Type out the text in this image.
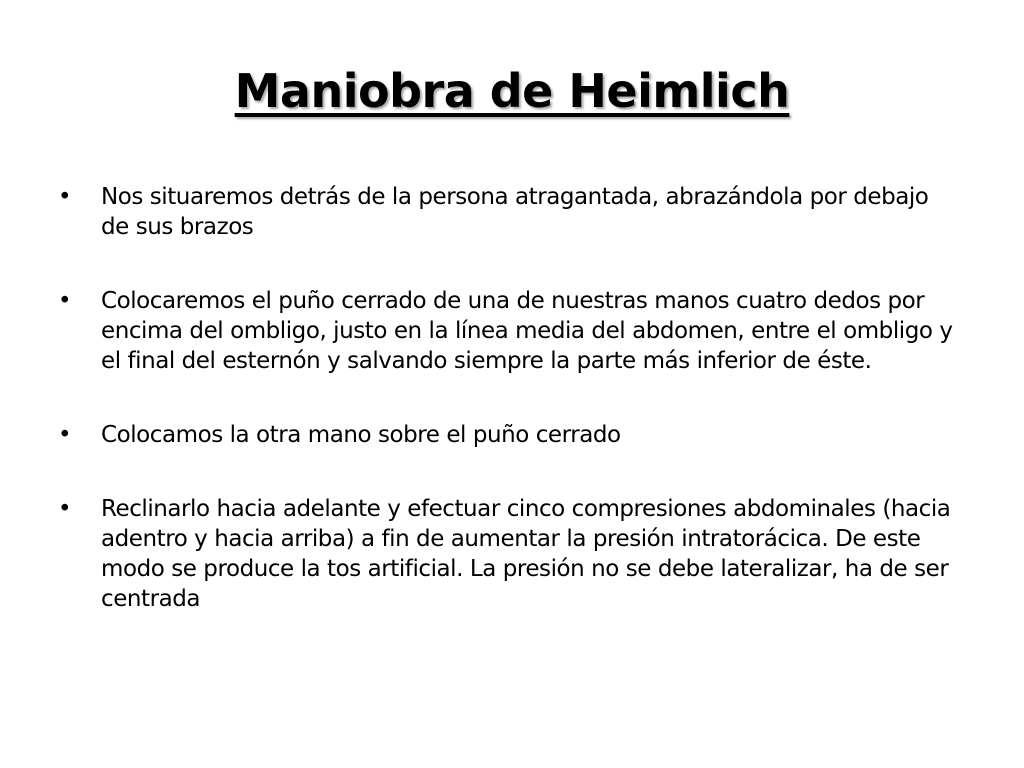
Maniobra de Heimlich
• Nos situaremos detrás de la persona atragantada, abrazándola por debajo de sus brazos
• Colocaremos el puño cerrado de una de nuestras manos cuatro dedos por encima del ombligo, justo en la línea media del abdomen, entre el ombligo y el final del esternón y salvando siempre la parte más inferior de éste.
• Colocamos la otra mano sobre el puño cerrado
• Reclinarlo hacia adelante y efectuar cinco compresiones abdominales (hacia adentro y hacia arriba) a fin de aumentar la presión intratorácica. De este modo se produce la tos artificial. La presión no se debe lateralizar, ha de ser centrada
